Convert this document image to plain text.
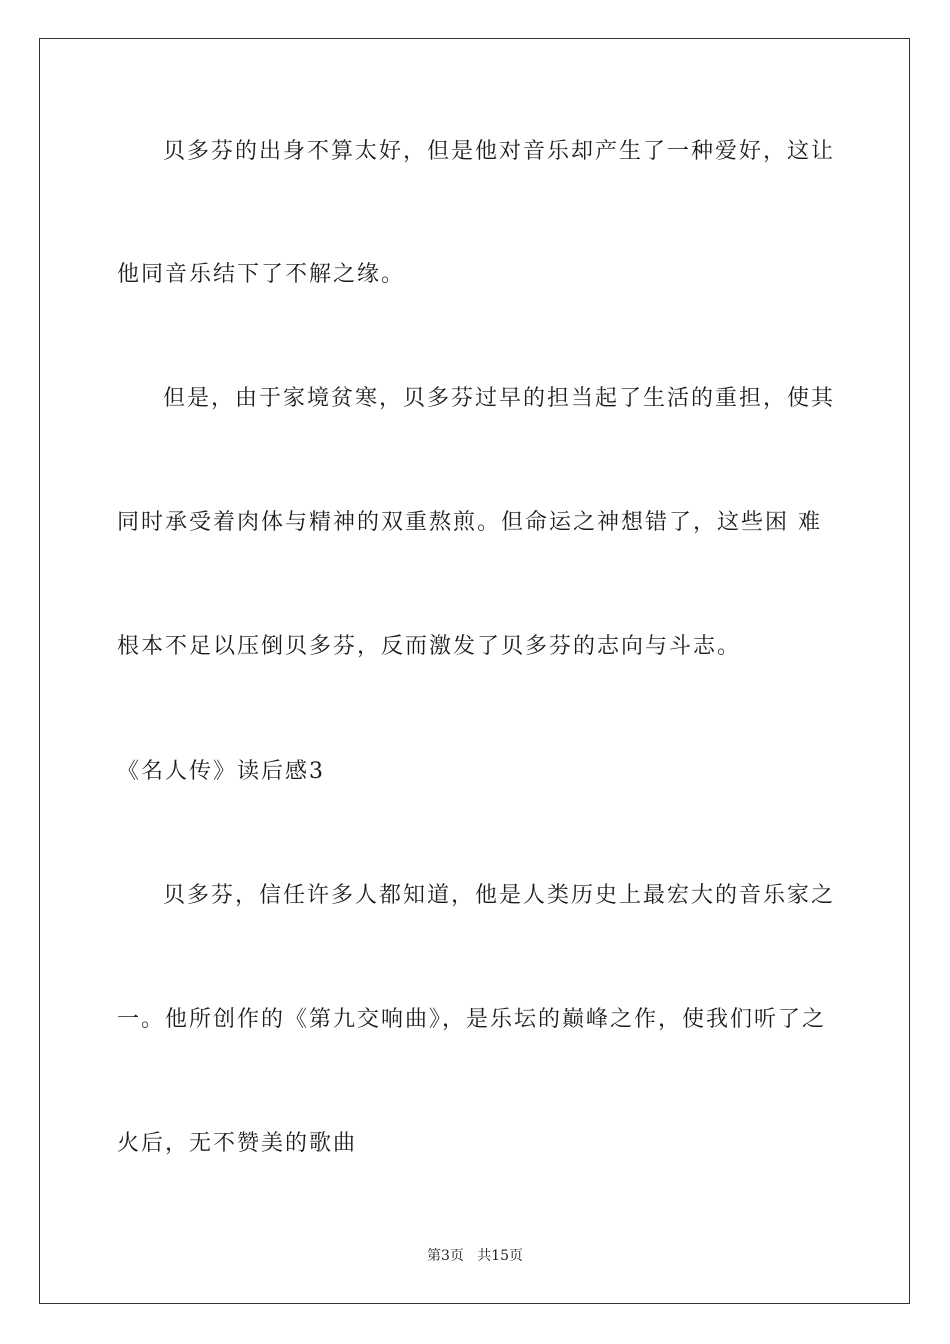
贝多芬的出身不算太好，但是他对音乐却产生了一种爱好，这让
他同音乐结下了不解之缘。
但是，由于家境贫寒，贝多芬过早的担当起了生活的重担，使其
同时承受着肉体与精神的双重熬煎。但命运之神想错了，这些困 难
根本不足以压倒贝多芬，反而激发了贝多芬的志向与斗志。
《名人传》读后感3
贝多芬，信任许多人都知道，他是人类历史上最宏大的音乐家之
一。他所创作的《第九交响曲》，是乐坛的巅峰之作，使我们听了之
火后，无不赞美的歌曲
第3页   共15页
